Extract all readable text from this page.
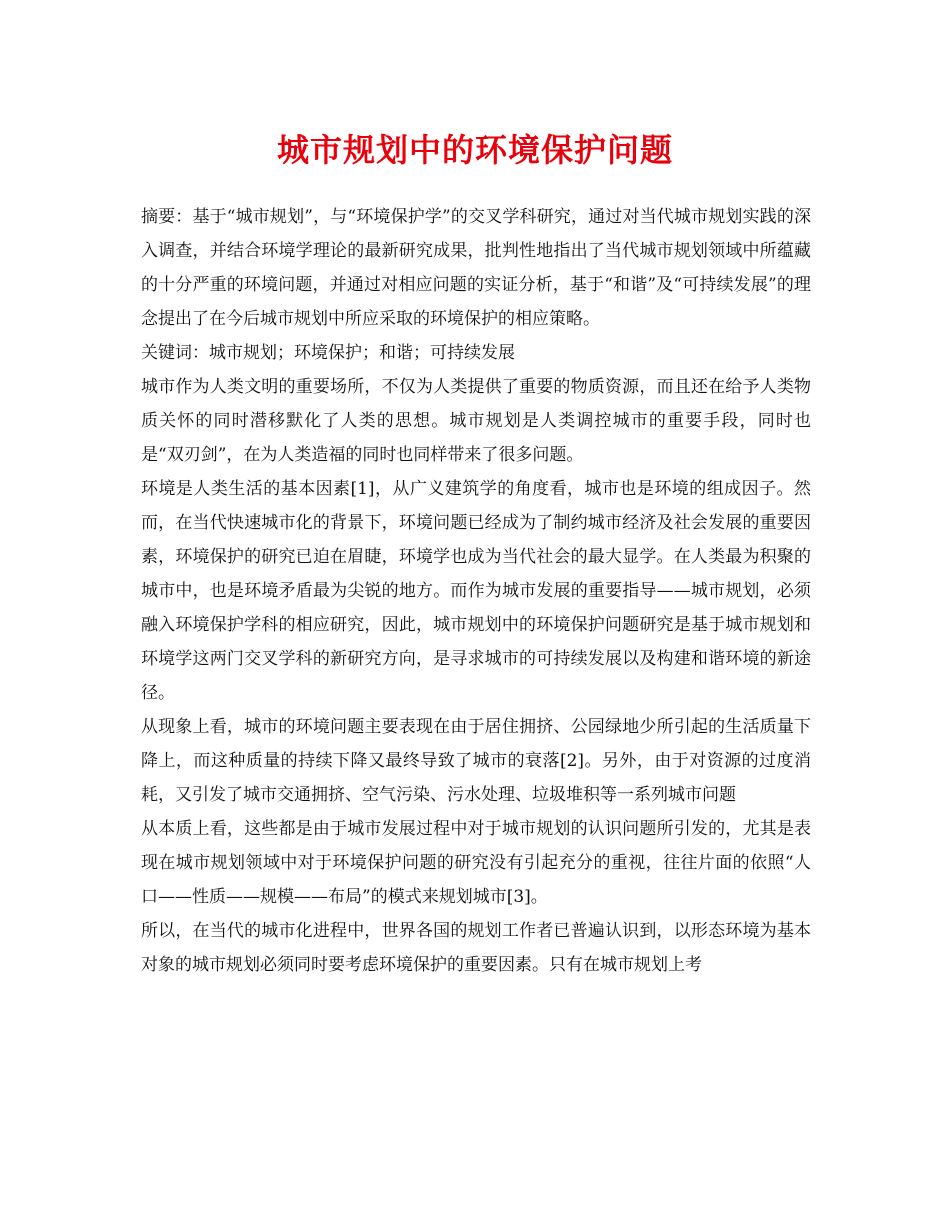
城市规划中的环境保护问题

摘要：基于“城市规划”，与“环境保护学”的交叉学科研究，通过对当代城市规划实践的深入调查，并结合环境学理论的最新研究成果，批判性地指出了当代城市规划领域中所蕴藏的十分严重的环境问题，并通过对相应问题的实证分析，基于“和谐”及“可持续发展”的理念提出了在今后城市规划中所应采取的环境保护的相应策略。

关键词：城市规划；环境保护；和谐；可持续发展

城市作为人类文明的重要场所，不仅为人类提供了重要的物质资源，而且还在给予人类物质关怀的同时潜移默化了人类的思想。城市规划是人类调控城市的重要手段，同时也是“双刃剑”，在为人类造福的同时也同样带来了很多问题。

环境是人类生活的基本因素[1]，从广义建筑学的角度看，城市也是环境的组成因子。然而，在当代快速城市化的背景下，环境问题已经成为了制约城市经济及社会发展的重要因素，环境保护的研究已迫在眉睫，环境学也成为当代社会的最大显学。在人类最为积聚的城市中，也是环境矛盾最为尖锐的地方。而作为城市发展的重要指导——城市规划，必须融入环境保护学科的相应研究，因此，城市规划中的环境保护问题研究是基于城市规划和环境学这两门交叉学科的新研究方向，是寻求城市的可持续发展以及构建和谐环境的新途径。

从现象上看，城市的环境问题主要表现在由于居住拥挤、公园绿地少所引起的生活质量下降上，而这种质量的持续下降又最终导致了城市的衰落[2]。另外，由于对资源的过度消耗，又引发了城市交通拥挤、空气污染、污水处理、垃圾堆积等一系列城市问题

从本质上看，这些都是由于城市发展过程中对于城市规划的认识问题所引发的，尤其是表现在城市规划领域中对于环境保护问题的研究没有引起充分的重视，往往片面的依照“人口——性质——规模——布局”的模式来规划城市[3]。

所以，在当代的城市化进程中，世界各国的规划工作者已普遍认识到，以形态环境为基本对象的城市规划必须同时要考虑环境保护的重要因素。只有在城市规划上考
